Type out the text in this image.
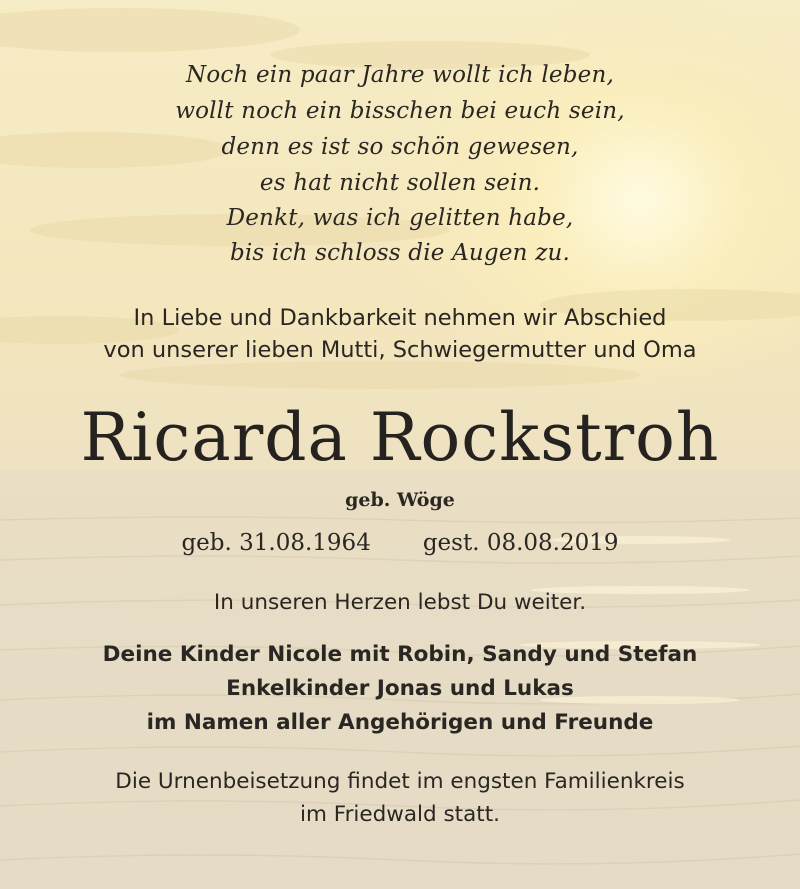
Noch ein paar Jahre wollt ich leben,
wollt noch ein bisschen bei euch sein,
denn es ist so schön gewesen,
es hat nicht sollen sein.
Denkt, was ich gelitten habe,
bis ich schloss die Augen zu.
In Liebe und Dankbarkeit nehmen wir Abschied
von unserer lieben Mutti, Schwiegermutter und Oma
Ricarda Rockstroh
geb. Wöge
geb. 31.08.1964 gest. 08.08.2019
In unseren Herzen lebst Du weiter.
Deine Kinder Nicole mit Robin, Sandy und Stefan
Enkelkinder Jonas und Lukas
im Namen aller Angehörigen und Freunde
Die Urnenbeisetzung findet im engsten Familienkreis
im Friedwald statt.
